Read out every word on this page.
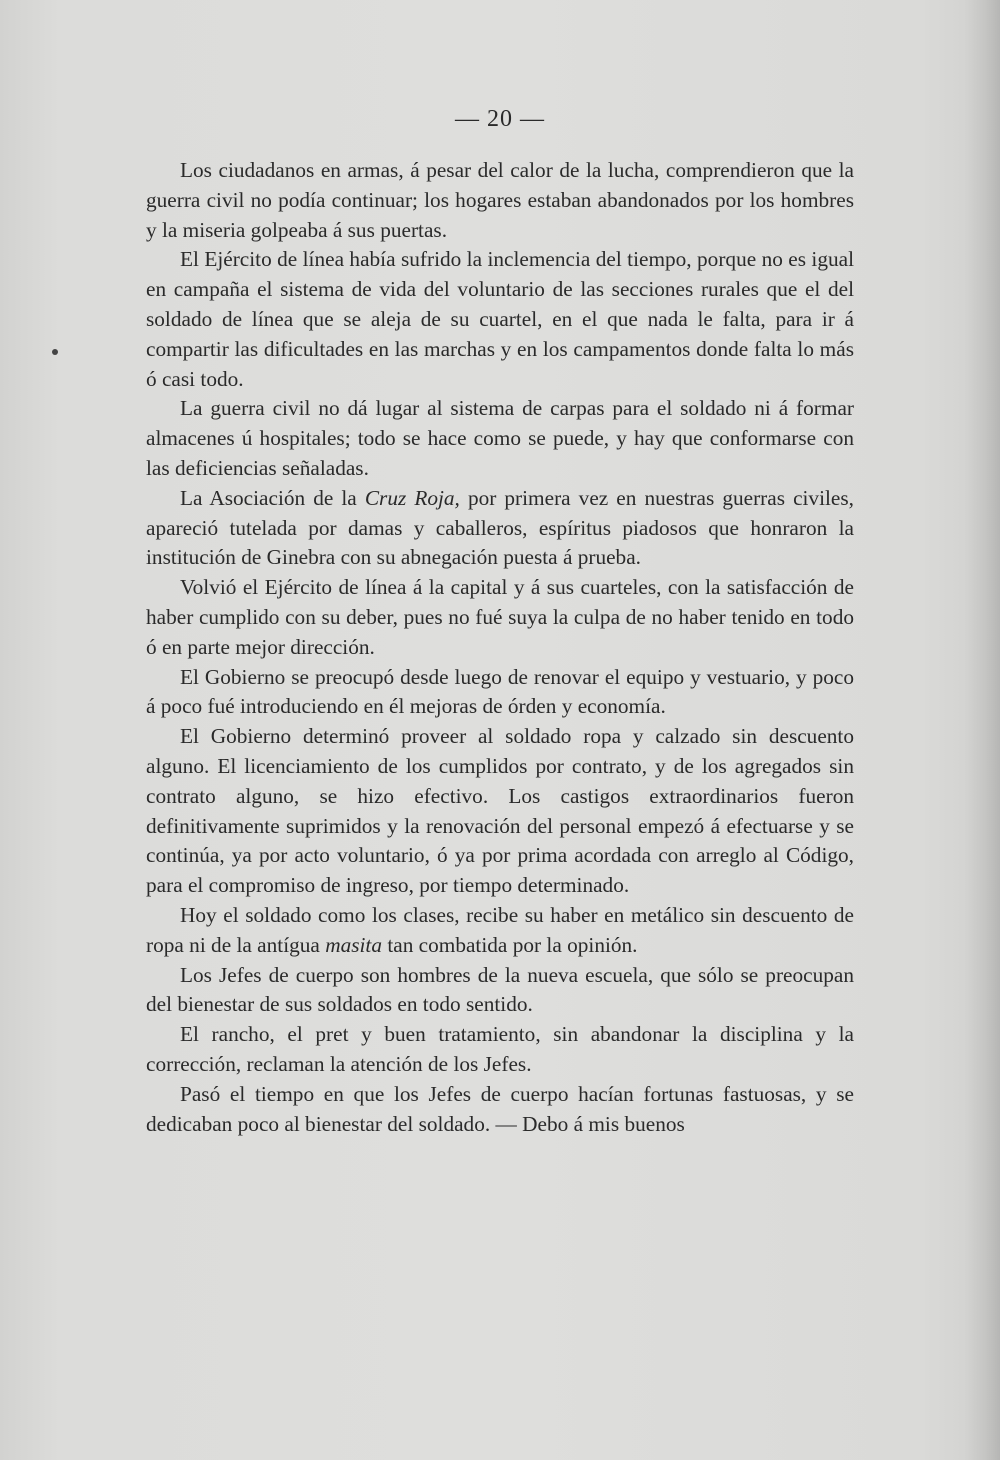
— 20 —

Los ciudadanos en armas, á pesar del calor de la lucha, comprendieron que la guerra civil no podía continuar; los hogares estaban abandonados por los hombres y la miseria golpeaba á sus puertas.

El Ejército de línea había sufrido la inclemencia del tiempo, porque no es igual en campaña el sistema de vida del voluntario de las secciones rurales que el del soldado de línea que se aleja de su cuartel, en el que nada le falta, para ir á compartir las dificultades en las marchas y en los campamentos donde falta lo más ó casi todo.

La guerra civil no dá lugar al sistema de carpas para el soldado ni á formar almacenes ú hospitales; todo se hace como se puede, y hay que conformarse con las deficiencias señaladas.

La Asociación de la Cruz Roja, por primera vez en nuestras guerras civiles, apareció tutelada por damas y caballeros, espíritus piadosos que honraron la institución de Ginebra con su abnegación puesta á prueba.

Volvió el Ejército de línea á la capital y á sus cuarteles, con la satisfacción de haber cumplido con su deber, pues no fué suya la culpa de no haber tenido en todo ó en parte mejor dirección.

El Gobierno se preocupó desde luego de renovar el equipo y vestuario, y poco á poco fué introduciendo en él mejoras de órden y economía.

El Gobierno determinó proveer al soldado ropa y calzado sin descuento alguno. El licenciamiento de los cumplidos por contrato, y de los agregados sin contrato alguno, se hizo efectivo. Los castigos extraordinarios fueron definitivamente suprimidos y la renovación del personal empezó á efectuarse y se continúa, ya por acto voluntario, ó ya por prima acordada con arreglo al Código, para el compromiso de ingreso, por tiempo determinado.

Hoy el soldado como los clases, recibe su haber en metálico sin descuento de ropa ni de la antígua masita tan combatida por la opinión.

Los Jefes de cuerpo son hombres de la nueva escuela, que sólo se preocupan del bienestar de sus soldados en todo sentido.

El rancho, el pret y buen tratamiento, sin abandonar la disciplina y la corrección, reclaman la atención de los Jefes.

Pasó el tiempo en que los Jefes de cuerpo hacían fortunas fastuosas, y se dedicaban poco al bienestar del soldado. — Debo á mis buenos
